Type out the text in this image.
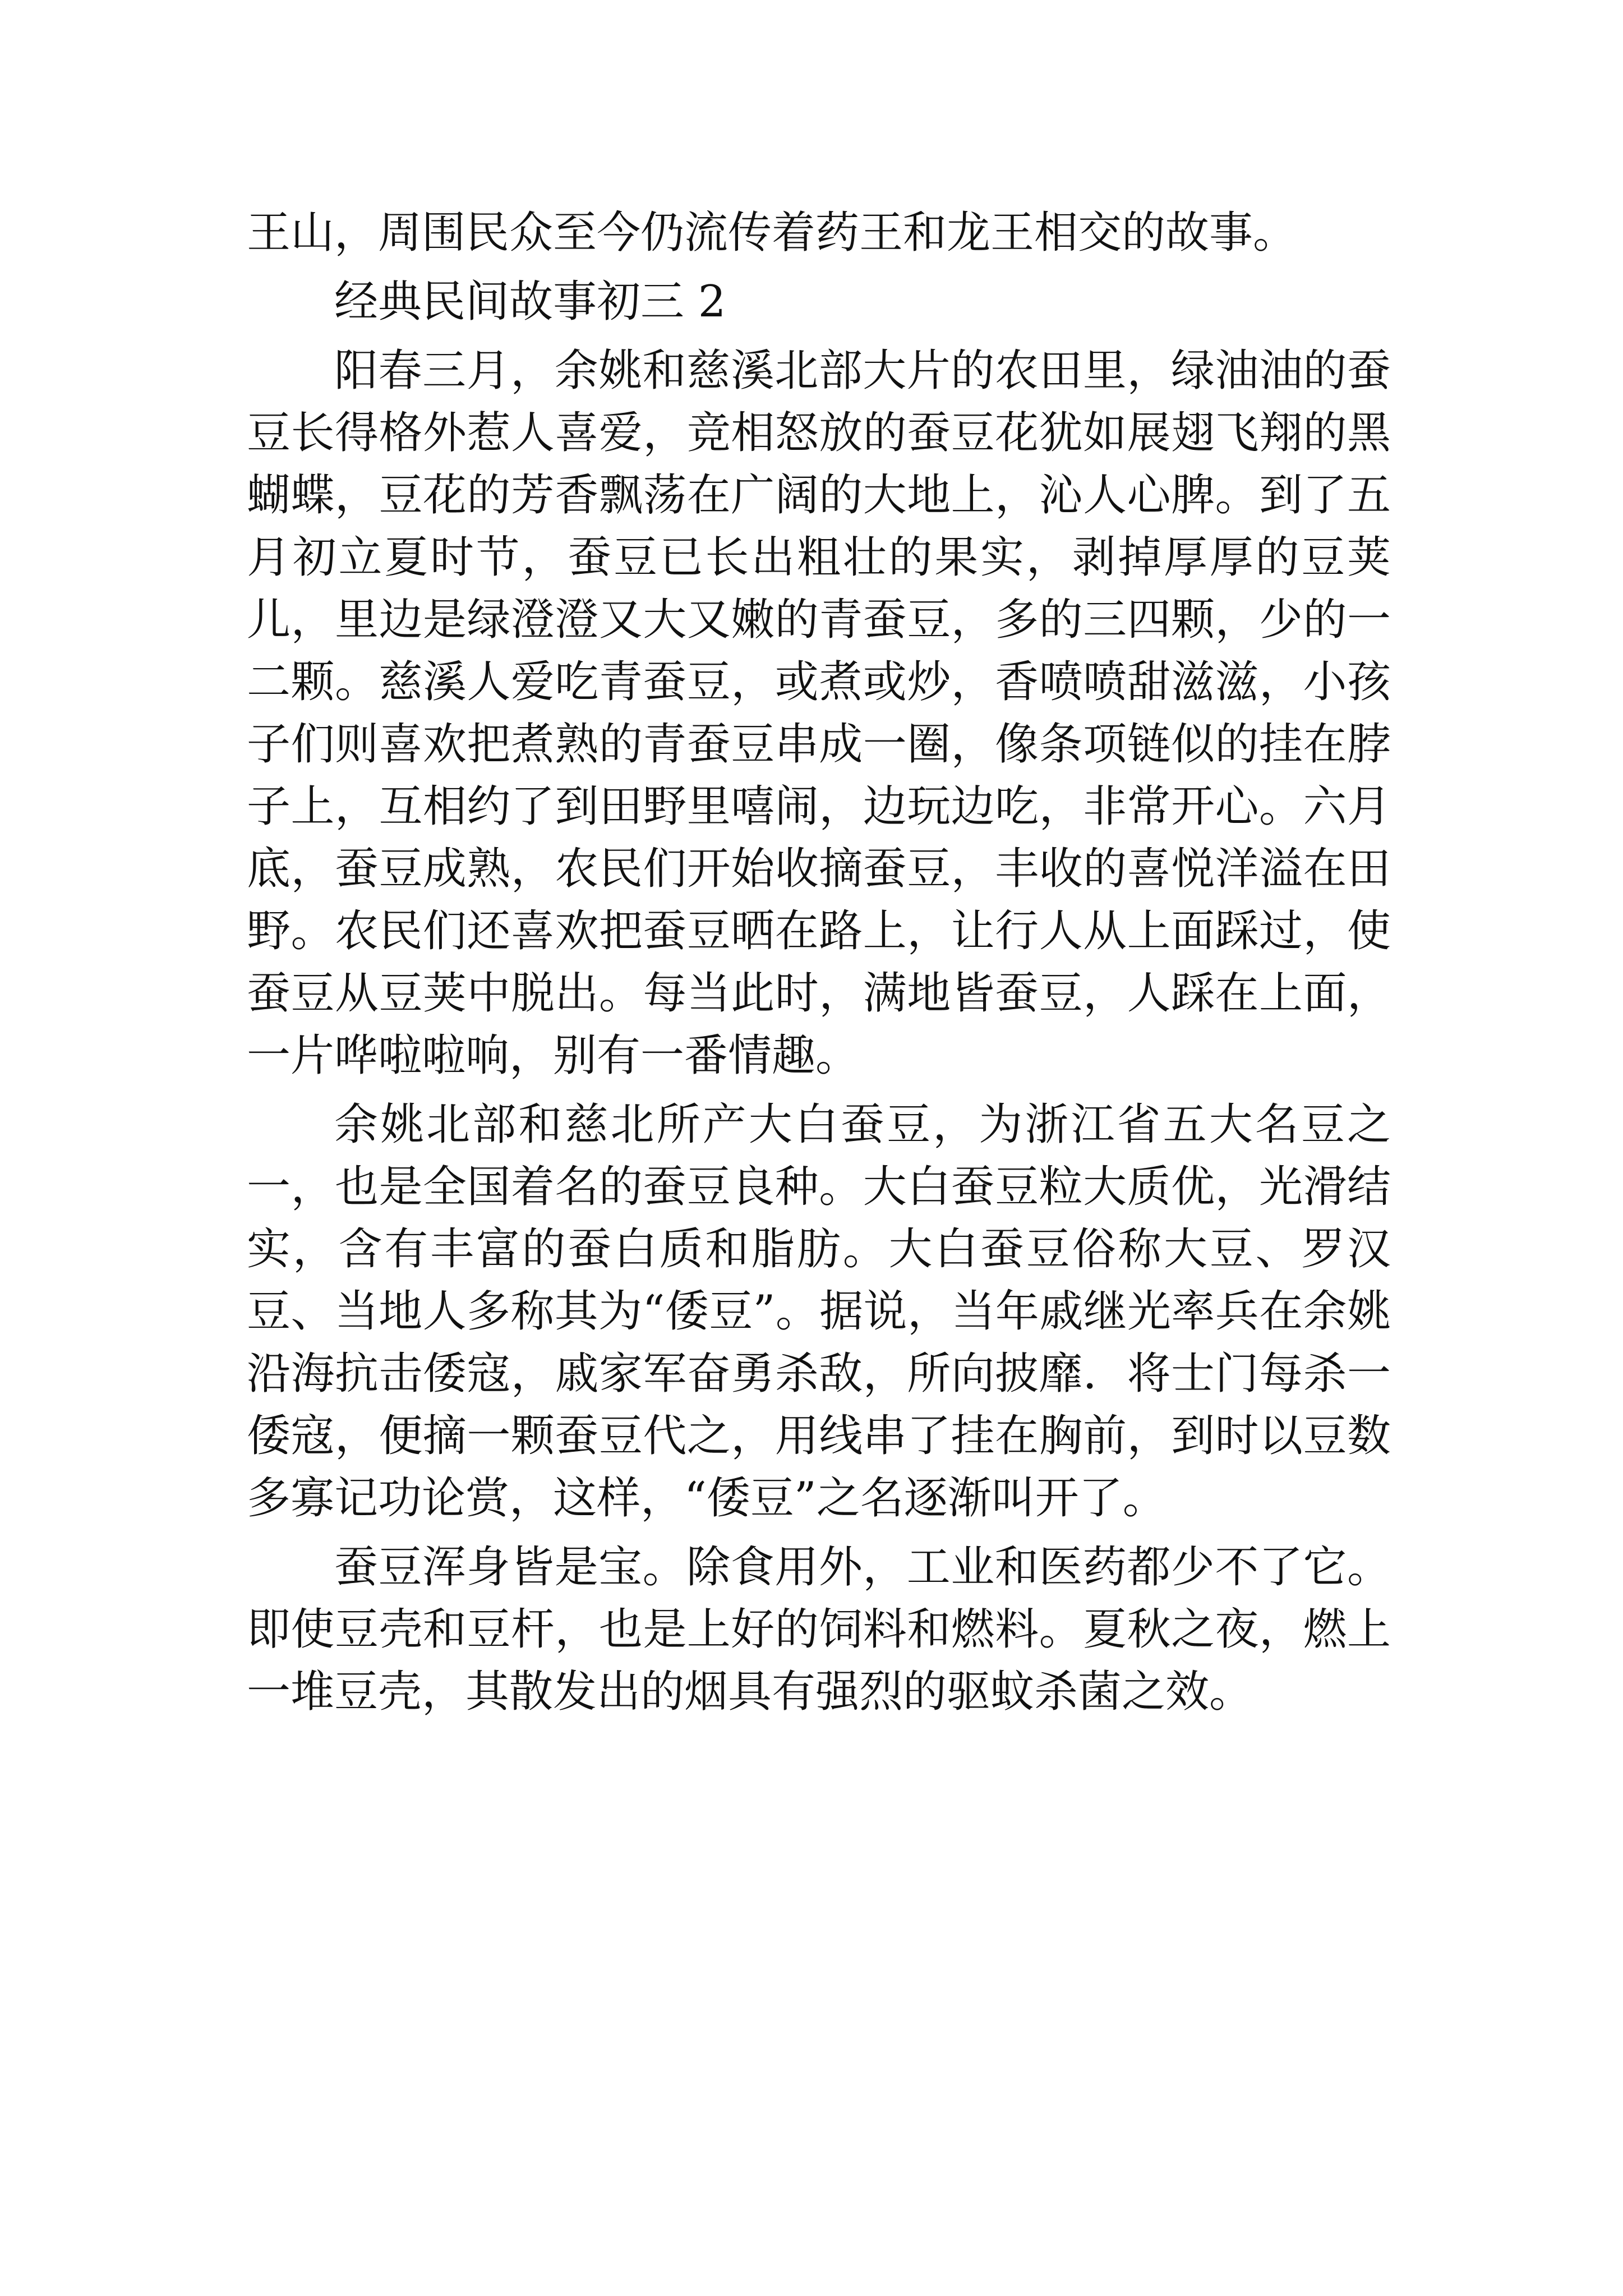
王山，周围民众至今仍流传着药王和龙王相交的故事。

经典民间故事初三 2

阳春三月，余姚和慈溪北部大片的农田里，绿油油的蚕豆长得格外惹人喜爱，竞相怒放的蚕豆花犹如展翅飞翔的黑蝴蝶，豆花的芳香飘荡在广阔的大地上，沁人心脾。到了五月初立夏时节，蚕豆已长出粗壮的果实，剥掉厚厚的豆荚儿，里边是绿澄澄又大又嫩的青蚕豆，多的三四颗，少的一二颗。慈溪人爱吃青蚕豆，或煮或炒，香喷喷甜滋滋，小孩子们则喜欢把煮熟的青蚕豆串成一圈，像条项链似的挂在脖子上，互相约了到田野里嘻闹，边玩边吃，非常开心。六月底，蚕豆成熟，农民们开始收摘蚕豆，丰收的喜悦洋溢在田野。农民们还喜欢把蚕豆晒在路上，让行人从上面踩过，使蚕豆从豆荚中脱出。每当此时，满地皆蚕豆，人踩在上面，一片哗啦啦响，别有一番情趣。

余姚北部和慈北所产大白蚕豆，为浙江省五大名豆之一，也是全国着名的蚕豆良种。大白蚕豆粒大质优，光滑结实，含有丰富的蚕白质和脂肪。大白蚕豆俗称大豆、罗汉豆、当地人多称其为“倭豆”。据说，当年戚继光率兵在余姚沿海抗击倭寇，戚家军奋勇杀敌，所向披靡．将士门每杀一倭寇，便摘一颗蚕豆代之，用线串了挂在胸前，到时以豆数多寡记功论赏，这样，“倭豆”之名逐渐叫开了。

蚕豆浑身皆是宝。除食用外，工业和医药都少不了它。即使豆壳和豆杆，也是上好的饲料和燃料。夏秋之夜，燃上一堆豆壳，其散发出的烟具有强烈的驱蚊杀菌之效。
